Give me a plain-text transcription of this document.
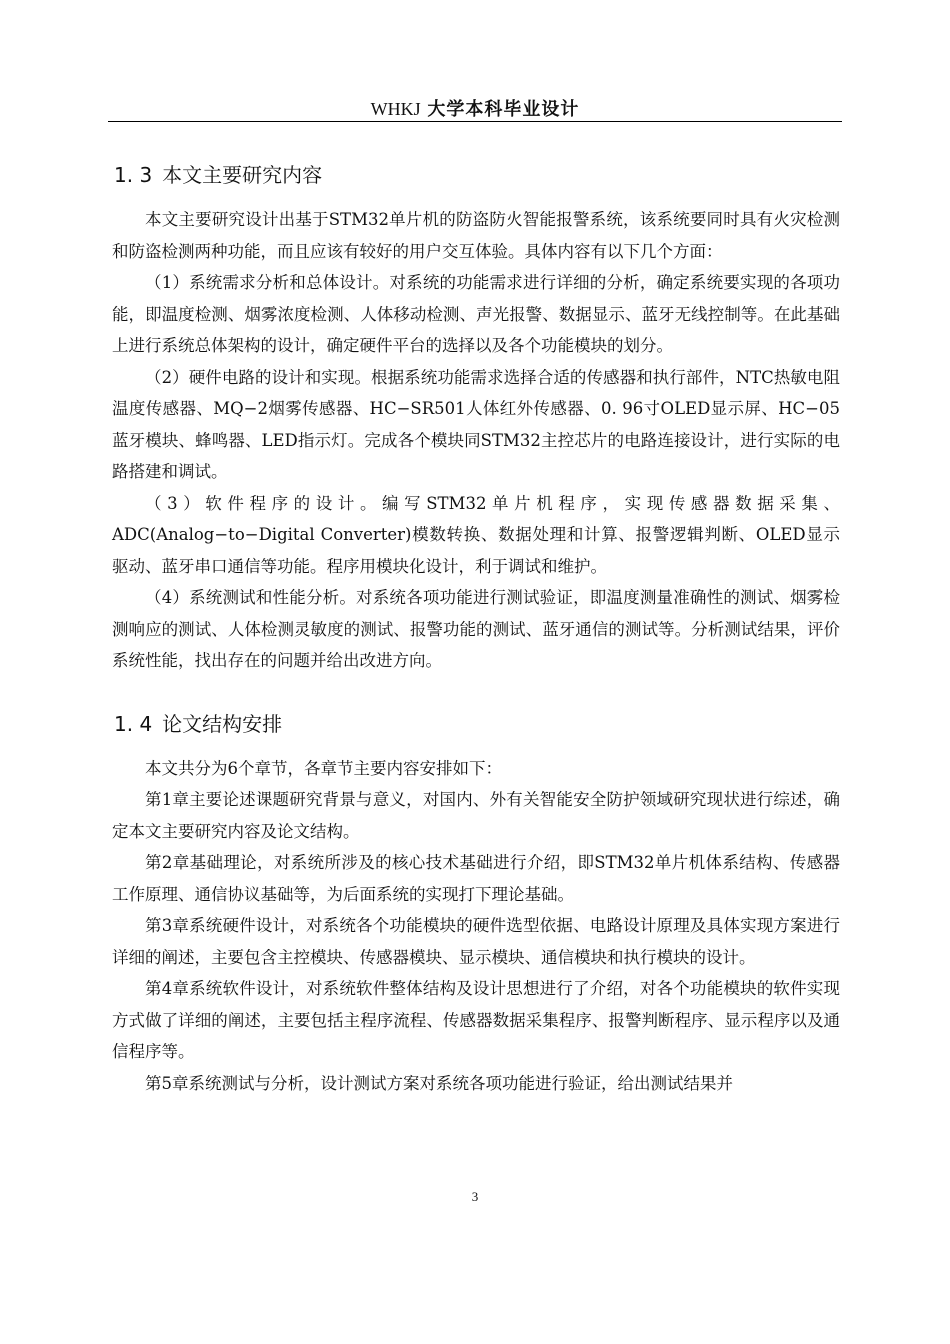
WHKJ 大学本科毕业设计
1. 3 本文主要研究内容

本文主要研究设计出基于STM32单片机的防盗防火智能报警系统，该系统要同时具有火灾检测和防盗检测两种功能，而且应该有较好的用户交互体验。具体内容有以下几个方面：

（1）系统需求分析和总体设计。对系统的功能需求进行详细的分析，确定系统要实现的各项功能，即温度检测、烟雾浓度检测、人体移动检测、声光报警、数据显示、蓝牙无线控制等。在此基础上进行系统总体架构的设计，确定硬件平台的选择以及各个功能模块的划分。

（2）硬件电路的设计和实现。根据系统功能需求选择合适的传感器和执行部件，NTC热敏电阻温度传感器、MQ−2烟雾传感器、HC−SR501人体红外传感器、0. 96寸OLED显示屏、HC−05蓝牙模块、蜂鸣器、LED指示灯。完成各个模块同STM32主控芯片的电路连接设计，进行实际的电路搭建和调试。

（3）软件程序的设计。编写STM32单片机程序，实现传感器数据采集、ADC(Analog−to−Digital Converter)模数转换、数据处理和计算、报警逻辑判断、OLED显示驱动、蓝牙串口通信等功能。程序用模块化设计，利于调试和维护。

（4）系统测试和性能分析。对系统各项功能进行测试验证，即温度测量准确性的测试、烟雾检测响应的测试、人体检测灵敏度的测试、报警功能的测试、蓝牙通信的测试等。分析测试结果，评价系统性能，找出存在的问题并给出改进方向。

1. 4 论文结构安排

本文共分为6个章节，各章节主要内容安排如下：

第1章主要论述课题研究背景与意义，对国内、外有关智能安全防护领域研究现状进行综述，确定本文主要研究内容及论文结构。

第2章基础理论，对系统所涉及的核心技术基础进行介绍，即STM32单片机体系结构、传感器工作原理、通信协议基础等，为后面系统的实现打下理论基础。

第3章系统硬件设计，对系统各个功能模块的硬件选型依据、电路设计原理及具体实现方案进行详细的阐述，主要包含主控模块、传感器模块、显示模块、通信模块和执行模块的设计。

第4章系统软件设计，对系统软件整体结构及设计思想进行了介绍，对各个功能模块的软件实现方式做了详细的阐述，主要包括主程序流程、传感器数据采集程序、报警判断程序、显示程序以及通信程序等。

第5章系统测试与分析，设计测试方案对系统各项功能进行验证，给出测试结果并

3
